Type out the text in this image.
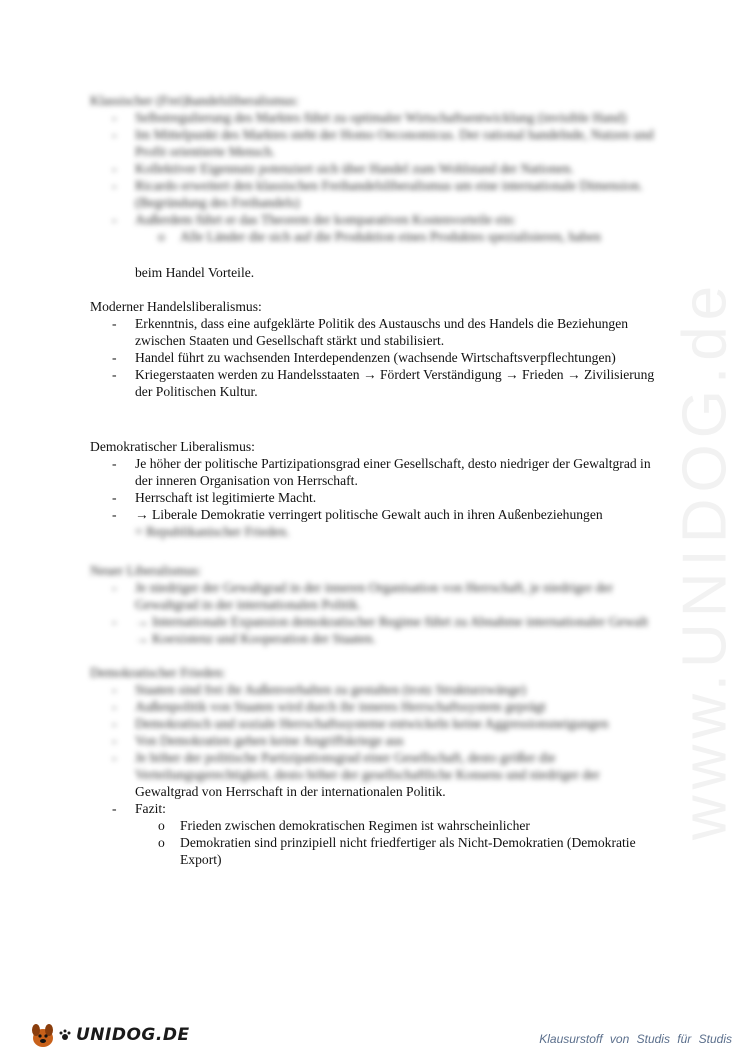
www.UNIDOG.de

Klassischer (Frei)handelsliberalismus:

- Selbstregulierung des Marktes führt zu optimaler Wirtschaftsentwicklung (invisible Hand)
- Im Mittelpunkt des Marktes steht der Homo Oeconomicus. Der rational handelnde, Nutzen und Profit orientierte Mensch.
- Kollektiver Eigennutz potenziert sich über Handel zum Wohlstand der Nationen.
- Ricardo erweitert den klassischen Freihandelsliberalismus um eine internationale Dimension. (Begründung des Freihandels)
- Außerdem führt er das Theorem der komparativen Kostenvorteile ein:
o Alle Länder die sich auf die Produktion eines Produktes spezialisieren, haben
beim Handel Vorteile.

Moderner Handelsliberalismus:

- Erkenntnis, dass eine aufgeklärte Politik des Austauschs und des Handels die Beziehungen zwischen Staaten und Gesellschaft stärkt und stabilisiert.
- Handel führt zu wachsenden Interdependenzen (wachsende Wirtschaftsverpflechtungen)
- Kriegerstaaten werden zu Handelsstaaten → Fördert Verständigung → Frieden → Zivilisierung der Politischen Kultur.

Demokratischer Liberalismus:

- Je höher der politische Partizipationsgrad einer Gesellschaft, desto niedriger der Gewaltgrad in der inneren Organisation von Herrschaft.
- Herrschaft ist legitimierte Macht.
- → Liberale Demokratie verringert politische Gewalt auch in ihren Außenbeziehungen
= Republikanischer Frieden.

Neuer Liberalismus:

- Je niedriger der Gewaltgrad in der inneren Organisation von Herrschaft, je niedriger der Gewaltgrad in der internationalen Politik.
- → Internationale Expansion demokratischer Regime führt zu Abnahme internationaler Gewalt → Koexistenz und Kooperation der Staaten.

Demokratischer Frieden:

- Staaten sind frei ihr Außenverhalten zu gestalten (trotz Strukturzwänge)
- Außenpolitik von Staaten wird durch ihr inneres Herrschaftssystem geprägt
- Demokratisch und soziale Herrschaftssysteme entwickeln keine Aggressionsneigungen
- Von Demokratien gehen keine Angriffskriege aus
- Je höher der politische Partizipationsgrad einer Gesellschaft, desto größer die Verteilungsgerechtigkeit, desto höher der gesellschaftliche Konsens und niedriger der
Gewaltgrad von Herrschaft in der internationalen Politik.
- Fazit:
o Frieden zwischen demokratischen Regimen ist wahrscheinlicher
o Demokratien sind prinzipiell nicht friedfertiger als Nicht-Demokratien (Demokratie Export)
UNIDOG.DE	Klausurstoff von Studis für Studis
